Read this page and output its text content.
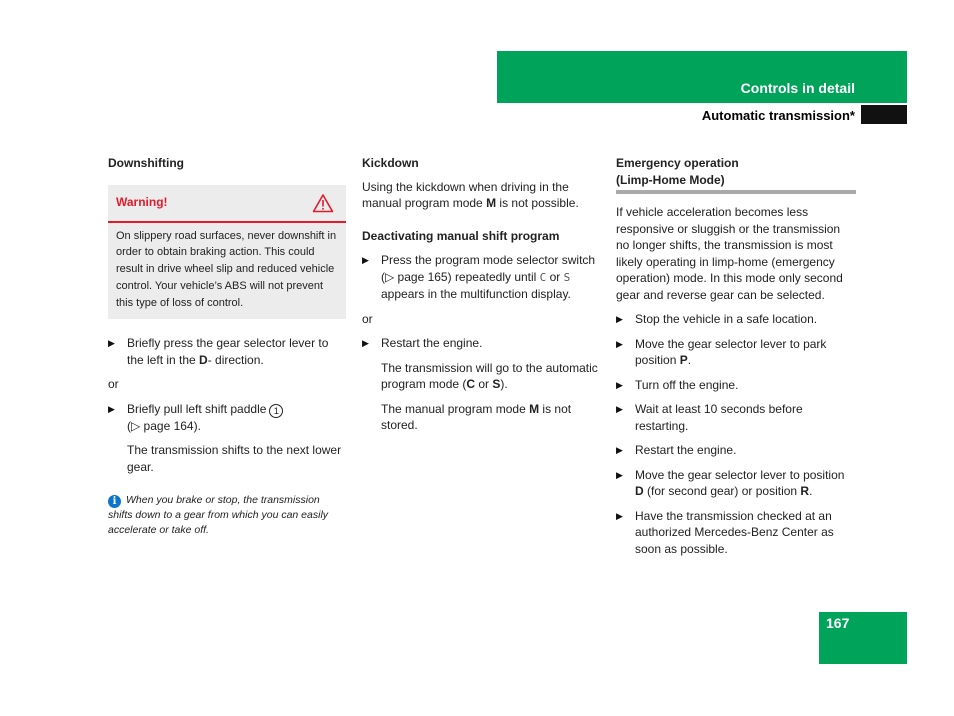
Controls in detail
Automatic transmission*

Downshifting

Warning!
On slippery road surfaces, never downshift in order to obtain braking action. This could result in drive wheel slip and reduced vehicle control. Your vehicle’s ABS will not prevent this type of loss of control.
▶	Briefly press the gear selector lever to the left in the D- direction.

or

▶	Briefly pull left shift paddle 1
(▷ page 164).

The transmission shifts to the next lower gear.

i When you brake or stop, the transmission shifts down to a gear from which you can easily accelerate or take off.

Kickdown

Using the kickdown when driving in the manual program mode M is not possible.

Deactivating manual shift program

▶	Press the program mode selector switch (▷ page 165) repeatedly until C or S appears in the multifunction display.

or

▶	Restart the engine.

The transmission will go to the automatic program mode (C or S).

The manual program mode M is not stored.

Emergency operation
(Limp-Home Mode)

If vehicle acceleration becomes less responsive or sluggish or the transmission no longer shifts, the transmission is most likely operating in limp-home (emergency operation) mode. In this mode only second gear and reverse gear can be selected.

▶	Stop the vehicle in a safe location.
▶	Move the gear selector lever to park position P.
▶	Turn off the engine.
▶	Wait at least 10 seconds before restarting.
▶	Restart the engine.
▶	Move the gear selector lever to position D (for second gear) or position R.
▶	Have the transmission checked at an authorized Mercedes-Benz Center as soon as possible.
167
